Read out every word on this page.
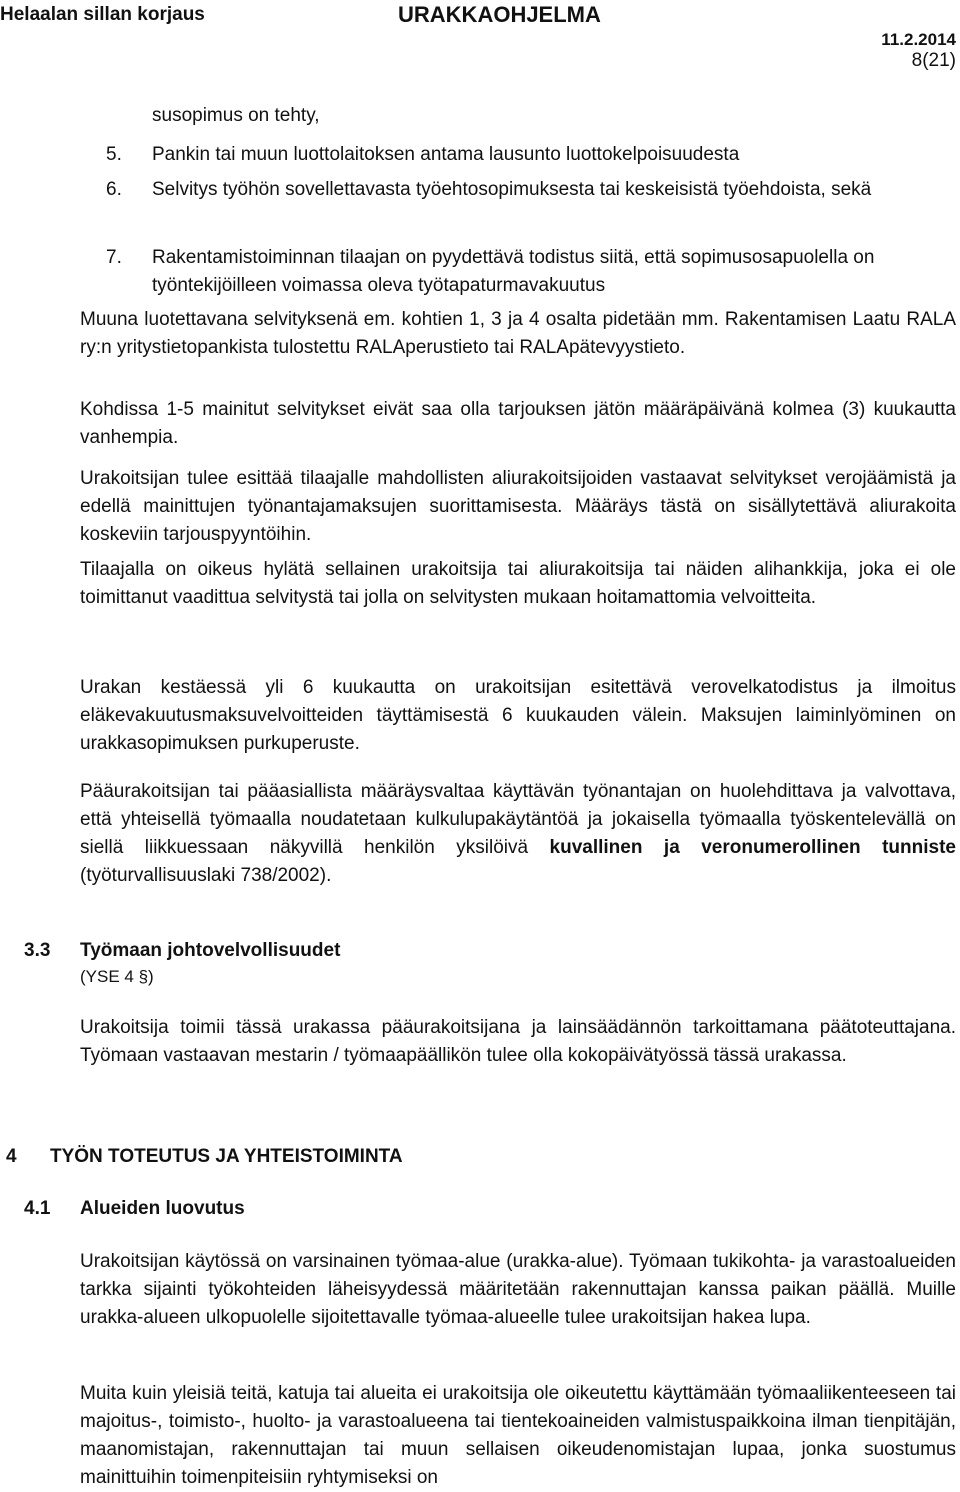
Helaalan sillan korjaus	URAKKAOHJELMA
11.2.2014
8(21)
susopimus on tehty,
5. Pankin tai muun luottolaitoksen antama lausunto luottokelpoisuudesta
6. Selvitys työhön sovellettavasta työehtosopimuksesta tai keskeisistä työehdoista, sekä
7. Rakentamistoiminnan tilaajan on pyydettävä todistus siitä, että sopimusosapuolella on työntekijöilleen voimassa oleva työtapaturmavakuutus

Muuna luotettavana selvityksenä em. kohtien 1, 3 ja 4 osalta pidetään mm. Rakentamisen Laatu RALA ry:n yritystietopankista tulostettu RALAperustieto tai RALApätevyystieto.

Kohdissa 1-5 mainitut selvitykset eivät saa olla tarjouksen jätön määräpäivänä kolmea (3) kuukautta vanhempia.

Urakoitsijan tulee esittää tilaajalle mahdollisten aliurakoitsijoiden vastaavat selvitykset verojäämistä ja edellä mainittujen työnantajamaksujen suorittamisesta. Määräys tästä on sisällytettävä aliurakoita koskeviin tarjouspyyntöihin.

Tilaajalla on oikeus hylätä sellainen urakoitsija tai aliurakoitsija tai näiden alihankkija, joka ei ole toimittanut vaadittua selvitystä tai jolla on selvitysten mukaan hoitamattomia velvoitteita.

Urakan kestäessä yli 6 kuukautta on urakoitsijan esitettävä verovelkatodistus ja ilmoitus eläkevakuutusmaksuvelvoitteiden täyttämisestä 6 kuukauden välein. Maksujen laiminlyöminen on urakkasopimuksen purkuperuste.

Pääurakoitsijan tai pääasiallista määräysvaltaa käyttävän työnantajan on huolehdittava ja valvottava, että yhteisellä työmaalla noudatetaan kulkulupakäytäntöä ja jokaisella työmaalla työskentelevällä on siellä liikkuessaan näkyvillä henkilön yksilöivä kuvallinen ja veronumerollinen tunniste (työturvallisuuslaki 738/2002).

3.3 Työmaan johtovelvollisuudet
(YSE 4 §)

Urakoitsija toimii tässä urakassa pääurakoitsijana ja lainsäädännön tarkoittamana päätoteuttajana. Työmaan vastaavan mestarin / työmaapäällikön tulee olla kokopäivätyössä tässä urakassa.

4 TYÖN TOTEUTUS JA YHTEISTOIMINTA
4.1 Alueiden luovutus

Urakoitsijan käytössä on varsinainen työmaa-alue (urakka-alue). Työmaan tukikohta- ja varastoalueiden tarkka sijainti työkohteiden läheisyydessä määritetään rakennuttajan kanssa paikan päällä. Muille urakka-alueen ulkopuolelle sijoitettavalle työmaa-alueelle tulee urakoitsijan hakea lupa.

Muita kuin yleisiä teitä, katuja tai alueita ei urakoitsija ole oikeutettu käyttämään työmaaliikenteeseen tai majoitus-, toimisto-, huolto- ja varastoalueena tai tientekoaineiden valmistuspaikkoina ilman tienpitäjän, maanomistajan, rakennuttajan tai muun sellaisen oikeudenomistajan lupaa, jonka suostumus mainittuihin toimenpiteisiin ryhtymiseksi on
